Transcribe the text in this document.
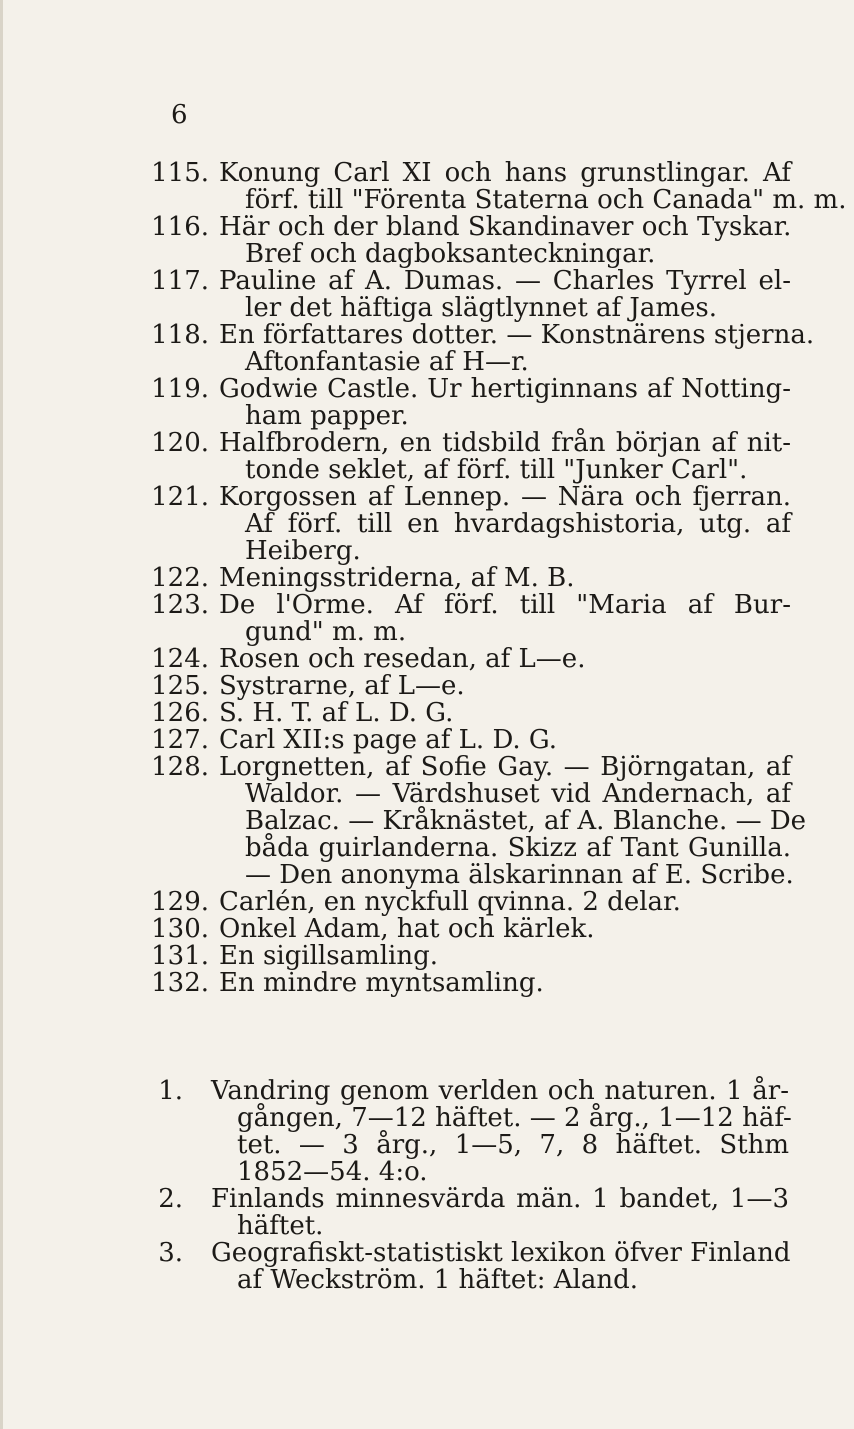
6
115. Konung Carl XI och hans grunstlingar. Af
förf. till "Förenta Staterna och Canada" m. m.
116. Här och der bland Skandinaver och Tyskar.
Bref och dagboksanteckningar.
117. Pauline af A. Dumas. — Charles Tyrrel el-
ler det häftiga slägtlynnet af James.
118. En författares dotter. — Konstnärens stjerna.
Aftonfantasie af H—r.
119. Godwie Castle. Ur hertiginnans af Notting-
ham papper.
120. Halfbrodern, en tidsbild från början af nit-
tonde seklet, af förf. till "Junker Carl".
121. Korgossen af Lennep. — Nära och fjerran.
Af förf. till en hvardagshistoria, utg. af
Heiberg.
122. Meningsstriderna, af M. B.
123. De l'Orme. Af förf. till "Maria af Bur-
gund" m. m.
124. Rosen och resedan, af L—e.
125. Systrarne, af L—e.
126. S. H. T. af L. D. G.
127. Carl XII:s page af L. D. G.
128. Lorgnetten, af Sofie Gay. — Björngatan, af
Waldor. — Värdshuset vid Andernach, af
Balzac. — Kråknästet, af A. Blanche. — De
båda guirlanderna. Skizz af Tant Gunilla.
— Den anonyma älskarinnan af E. Scribe.
129. Carlén, en nyckfull qvinna. 2 delar.
130. Onkel Adam, hat och kärlek.
131. En sigillsamling.
132. En mindre myntsamling.
1. Vandring genom verlden och naturen. 1 år-
gången, 7—12 häftet. — 2 årg., 1—12 häf-
tet. — 3 årg., 1—5, 7, 8 häftet. Sthm
1852—54. 4:o.
2. Finlands minnesvärda män. 1 bandet, 1—3
häftet.
3. Geografiskt-statistiskt lexikon öfver Finland
af Weckström. 1 häftet: Aland.
